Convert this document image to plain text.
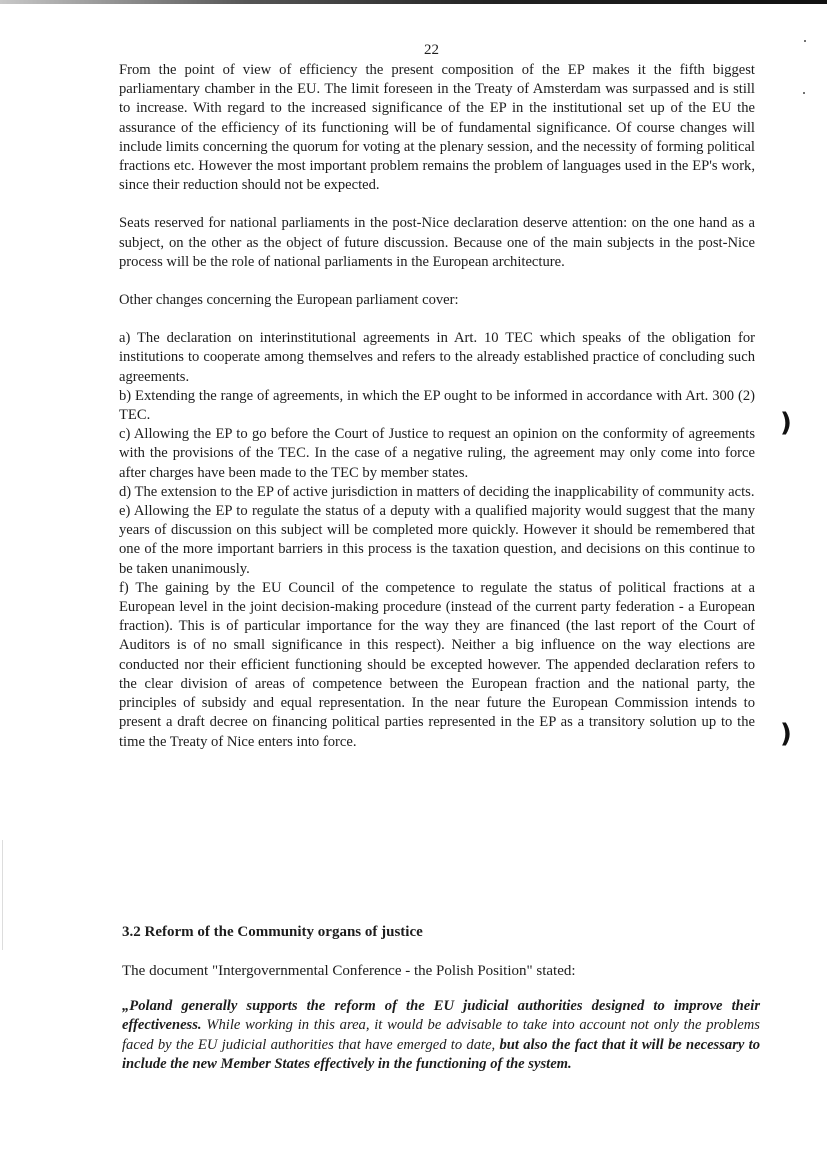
22

From the point of view of efficiency the present composition of the EP makes it the fifth biggest parliamentary chamber in the EU. The limit foreseen in the Treaty of Amsterdam was surpassed and is still to increase. With regard to the increased significance of the EP in the institutional set up of the EU the assurance of the efficiency of its functioning will be of fundamental significance. Of course changes will include limits concerning the quorum for voting at the plenary session, and the necessity of forming political fractions etc. However the most important problem remains the problem of languages used in the EP's work, since their reduction should not be expected.

Seats reserved for national parliaments in the post-Nice declaration deserve attention: on the one hand as a subject, on the other as the object of future discussion. Because one of the main subjects in the post-Nice process will be the role of national parliaments in the European architecture.

Other changes concerning the European parliament cover:

a) The declaration on interinstitutional agreements in Art. 10 TEC which speaks of the obligation for institutions to cooperate among themselves and refers to the already established practice of concluding such agreements.

b) Extending the range of agreements, in which the EP ought to be informed in accordance with Art. 300 (2) TEC.

c) Allowing the EP to go before the Court of Justice to request an opinion on the conformity of agreements with the provisions of the TEC. In the case of a negative ruling, the agreement may only come into force after charges have been made to the TEC by member states.

d) The extension to the EP of active jurisdiction in matters of deciding the inapplicability of community acts.

e) Allowing the EP to regulate the status of a deputy with a qualified majority would suggest that the many years of discussion on this subject will be completed more quickly. However it should be remembered that one of the more important barriers in this process is the taxation question, and decisions on this continue to be taken unanimously.

f) The gaining by the EU Council of the competence to regulate the status of political fractions at a European level in the joint decision-making procedure (instead of the current party federation - a European fraction). This is of particular importance for the way they are financed (the last report of the Court of Auditors is of no small significance in this respect). Neither a big influence on the way elections are conducted nor their efficient functioning should be excepted however. The appended declaration refers to the clear division of areas of competence between the European fraction and the national party, the principles of subsidy and equal representation. In the near future the European Commission intends to present a draft decree on financing political parties represented in the EP as a transitory solution up to the time the Treaty of Nice enters into force.

3.2 Reform of the Community organs of justice
The document "Intergovernmental Conference - the Polish Position" stated:
„Poland generally supports the reform of the EU judicial authorities designed to improve their effectiveness. While working in this area, it would be advisable to take into account not only the problems faced by the EU judicial authorities that have emerged to date, but also the fact that it will be necessary to include the new Member States effectively in the functioning of the system.
)
)
